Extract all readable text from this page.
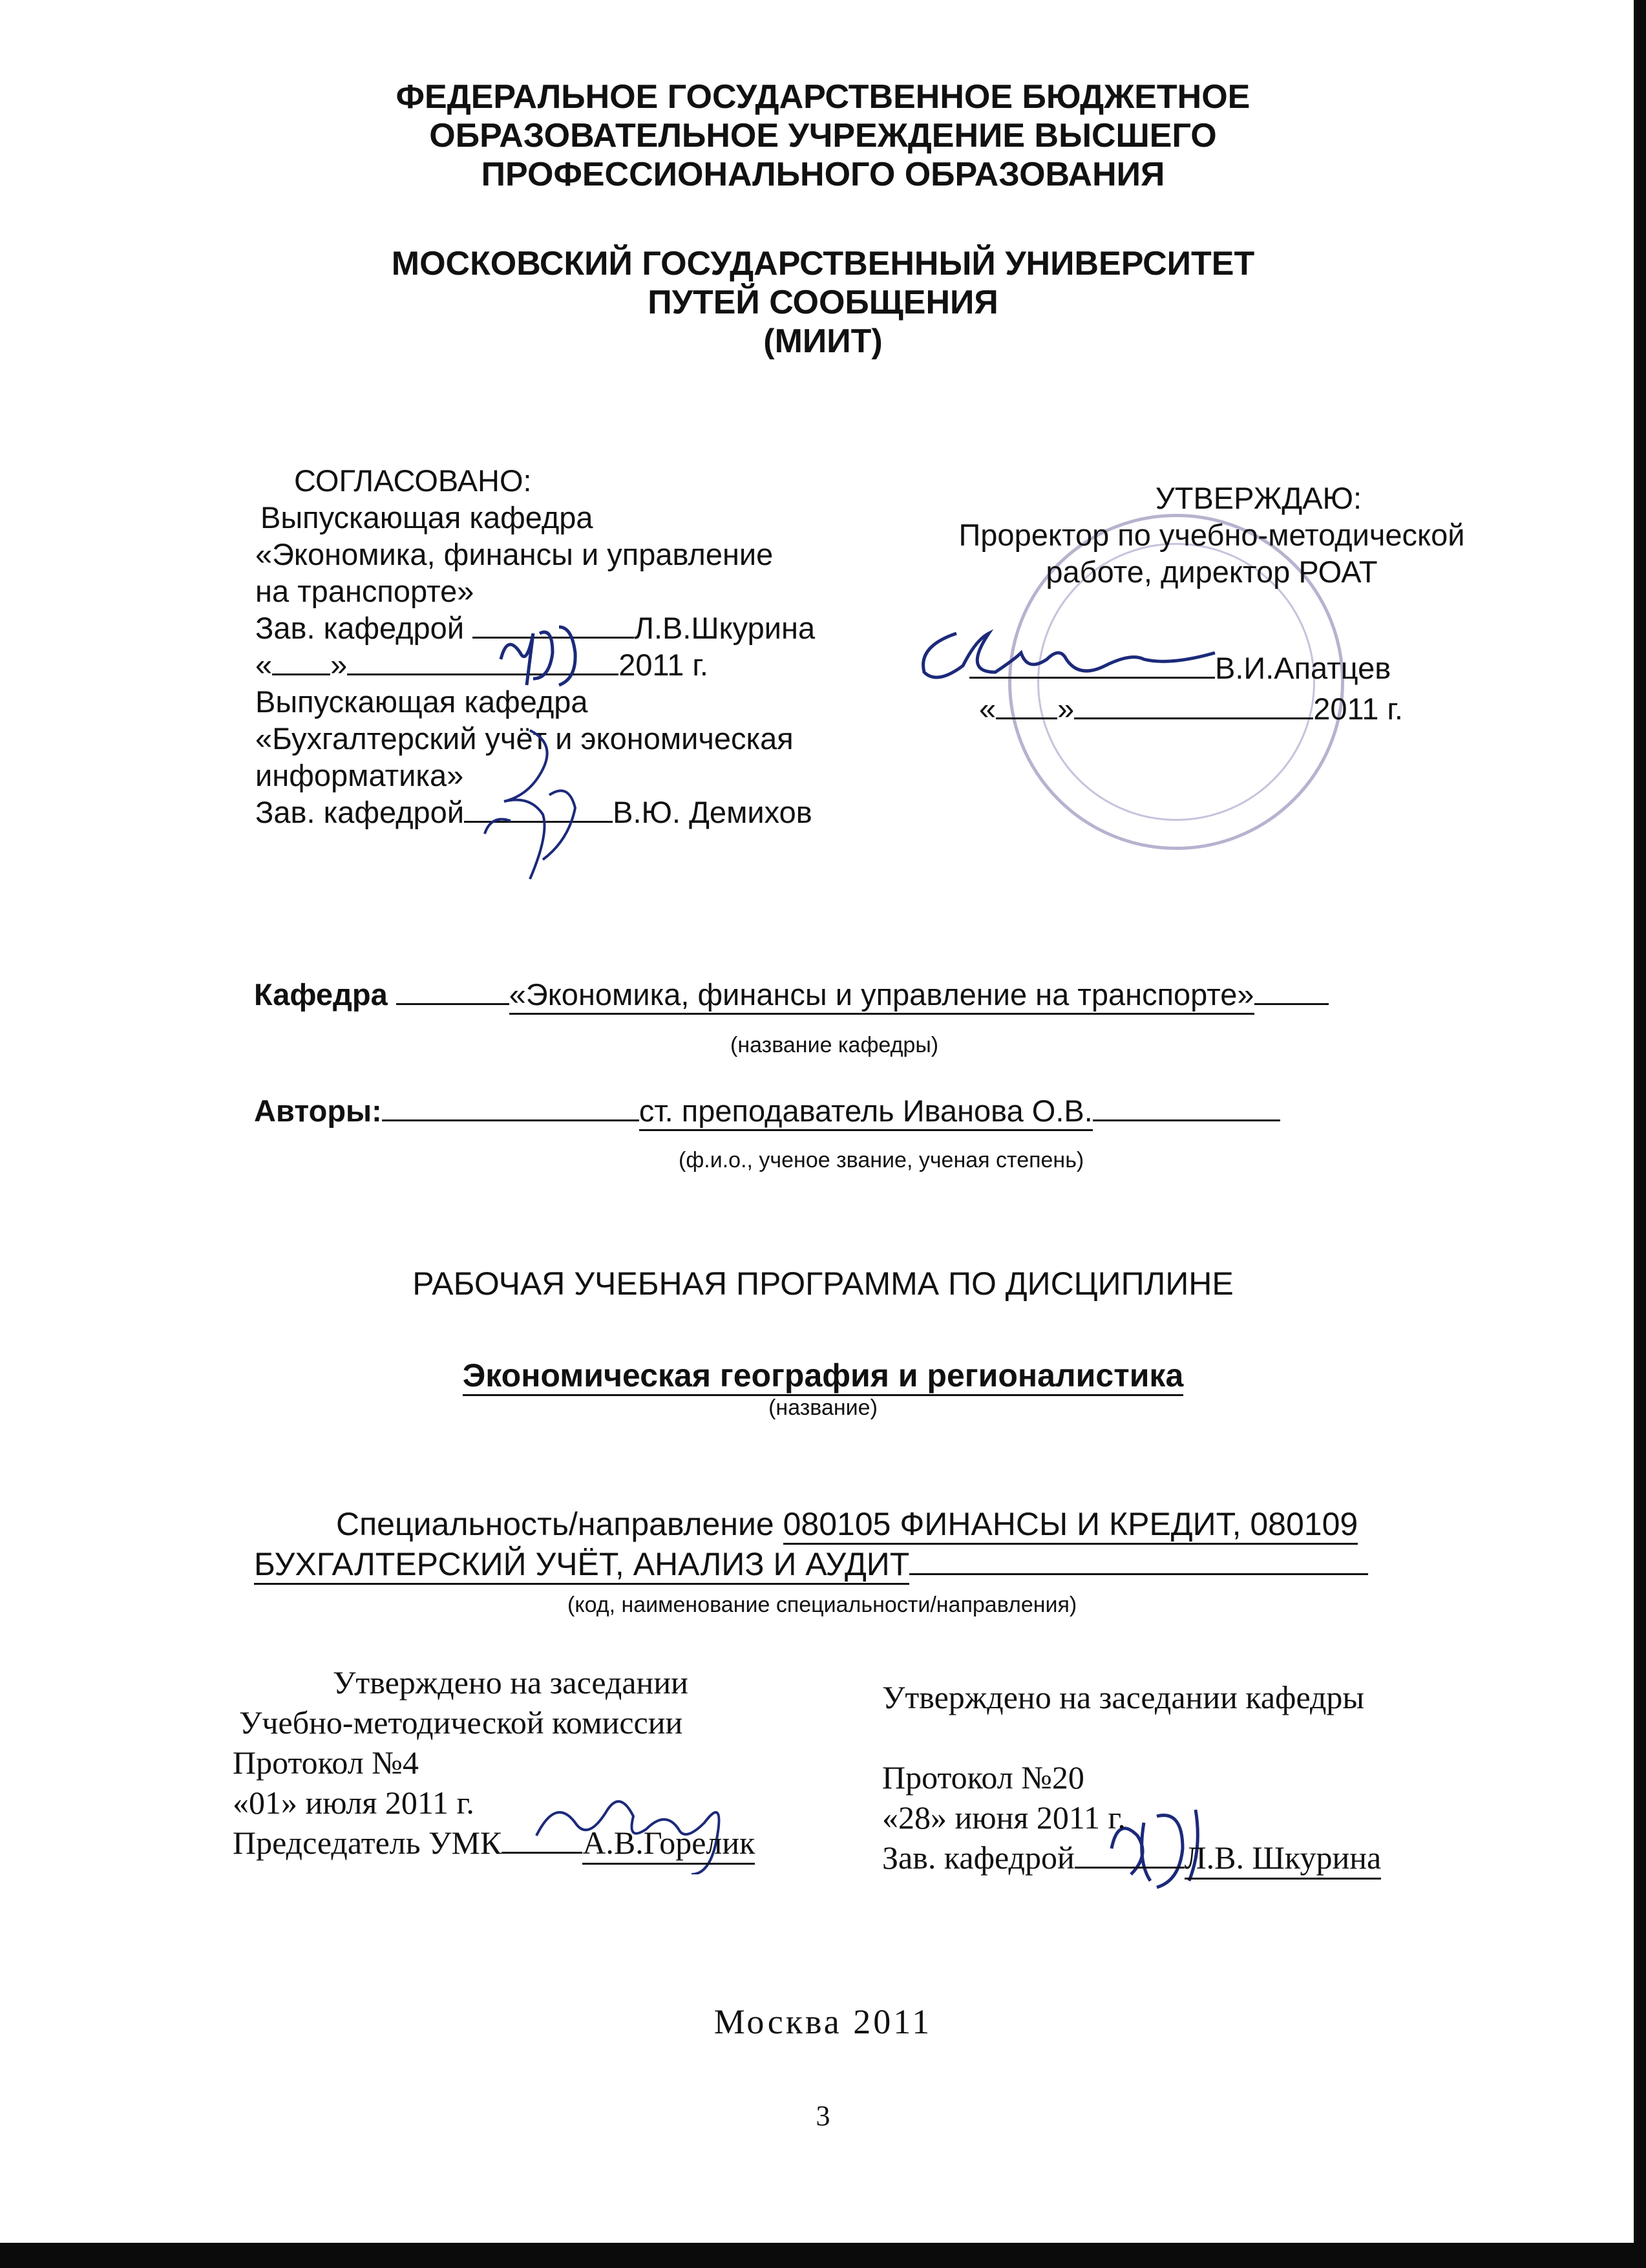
ФЕДЕРАЛЬНОЕ ГОСУДАРСТВЕННОЕ БЮДЖЕТНОЕ
ОБРАЗОВАТЕЛЬНОЕ УЧРЕЖДЕНИЕ ВЫСШЕГО
ПРОФЕССИОНАЛЬНОГО ОБРАЗОВАНИЯ
МОСКОВСКИЙ ГОСУДАРСТВЕННЫЙ УНИВЕРСИТЕТ
ПУТЕЙ СООБЩЕНИЯ
(МИИТ)
СОГЛАСОВАНО:
Выпускающая кафедра
«Экономика, финансы и управление
на транспорте»
Зав. кафедрой	Л.В.Шкурина
« »	2011 г.
Выпускающая кафедра
«Бухгалтерский учёт и экономическая
информатика»
Зав. кафедрой	В.Ю. Демихов
УТВЕРЖДАЮ:
Проректор по учебно-методической
работе, директор РОАТ
В.И.Апатцев
« »	2011 г.
Кафедра	«Экономика, финансы и управление на транспорте»
(название кафедры)
Авторы:	ст. преподаватель Иванова О.В.
(ф.и.о., ученое звание, ученая степень)
РАБОЧАЯ УЧЕБНАЯ ПРОГРАММА ПО ДИСЦИПЛИНЕ
Экономическая география и регионалистика
(название)
Специальность/направление 080105 ФИНАНСЫ И КРЕДИТ, 080109
БУХГАЛТЕРСКИЙ УЧЁТ, АНАЛИЗ И АУДИТ
(код, наименование специальности/направления)
Утверждено на заседании
Учебно-методической комиссии
Протокол №4
«01» июля 2011 г.
Председатель УМК	А.В.Горелик
Утверждено на заседании кафедры
Протокол №20
«28» июня 2011 г.
Зав. кафедрой	Л.В. Шкурина
Москва 2011
3
